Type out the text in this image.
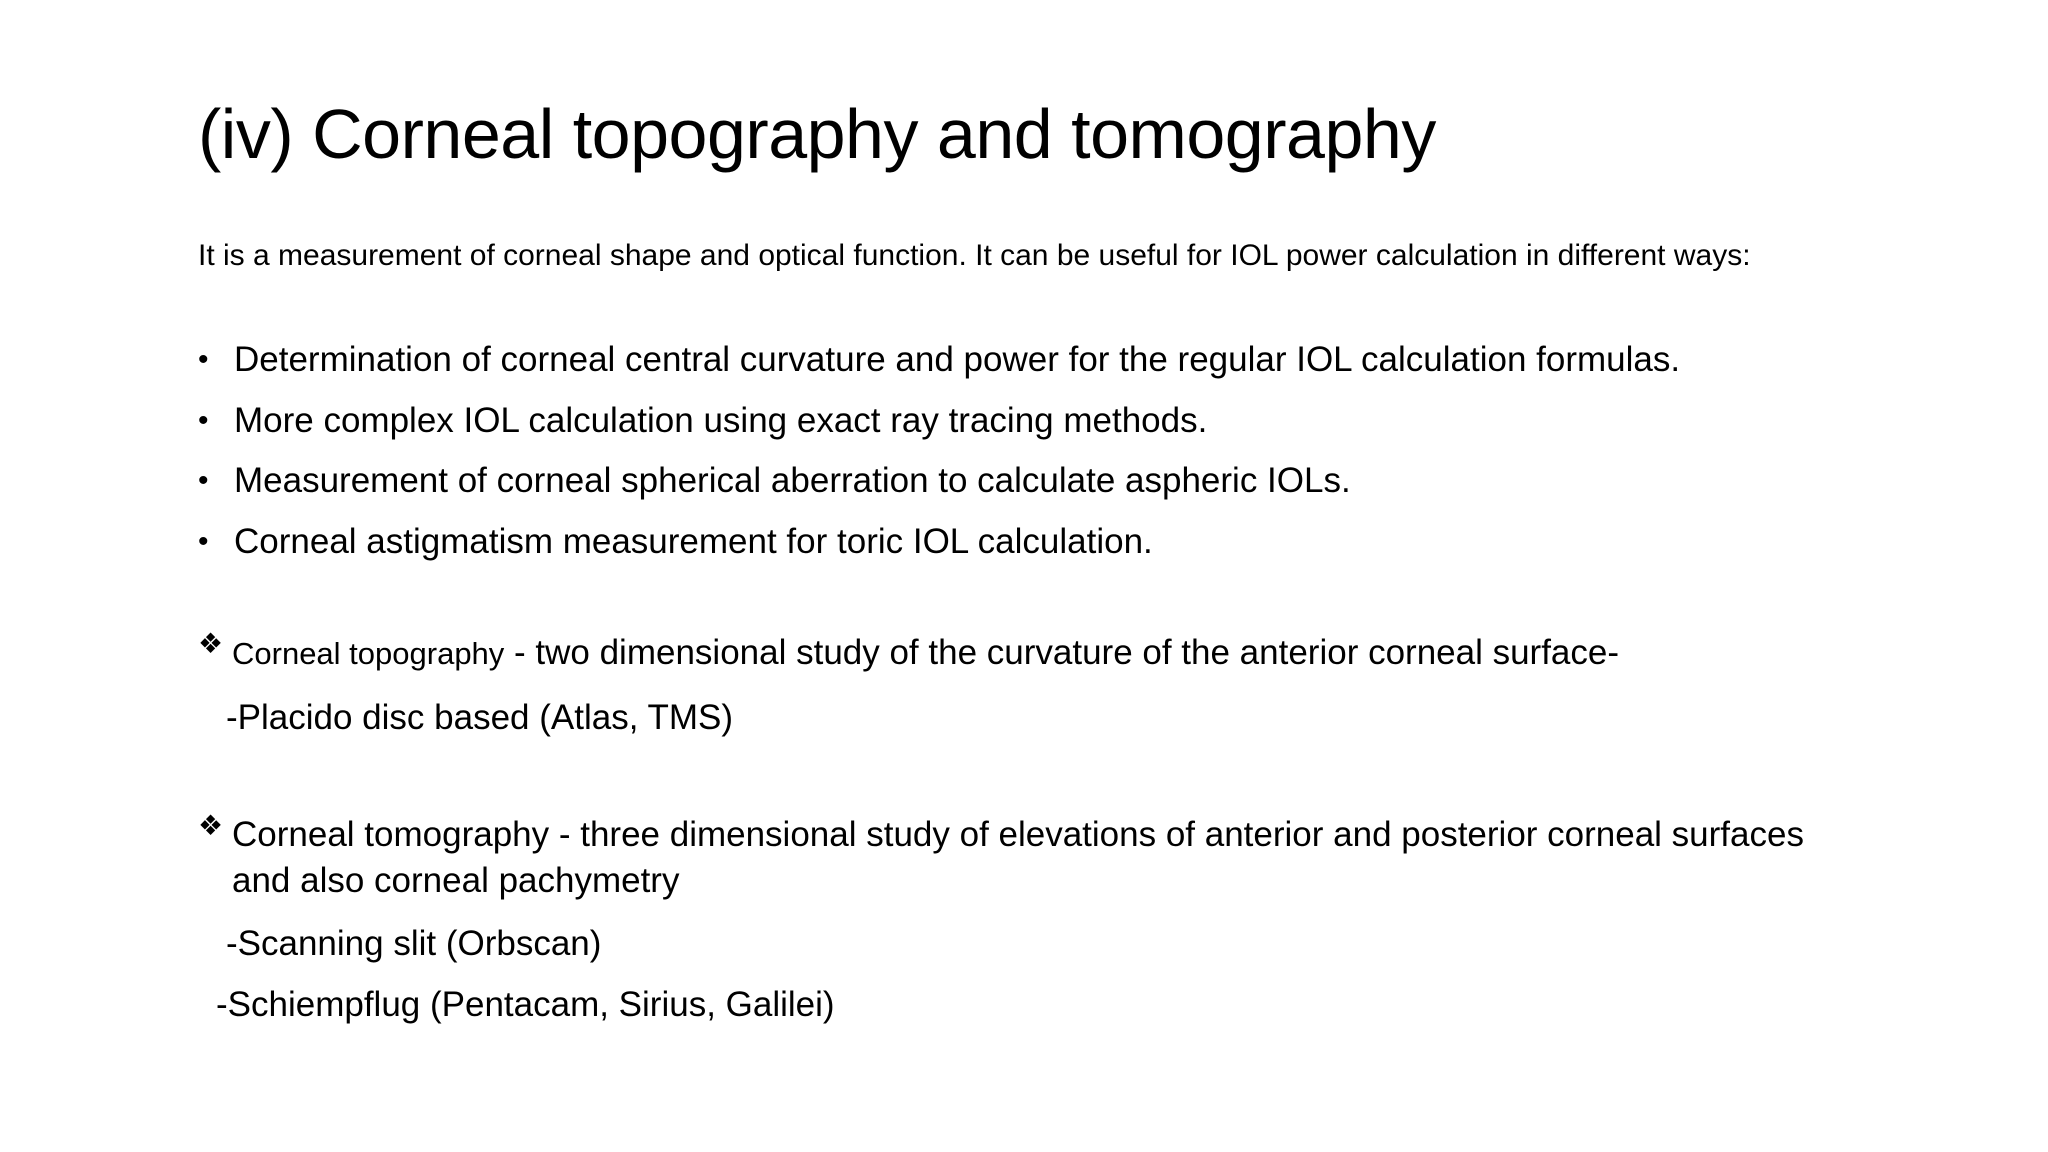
(iv) Corneal topography and tomography
It is a measurement of corneal shape and optical function. It can be useful for IOL power calculation in different ways:
• Determination of corneal central curvature and power for the regular IOL calculation formulas.
• More complex IOL calculation using exact ray tracing methods.
• Measurement of corneal spherical aberration to calculate aspheric IOLs.
• Corneal astigmatism measurement for toric IOL calculation.
❖ Corneal topography - two dimensional study of the curvature of the anterior corneal surface-
-Placido disc based (Atlas, TMS)
❖ Corneal tomography - three dimensional study of elevations of anterior and posterior corneal surfaces and also corneal pachymetry
-Scanning slit (Orbscan)
-Schiempflug (Pentacam, Sirius, Galilei)
